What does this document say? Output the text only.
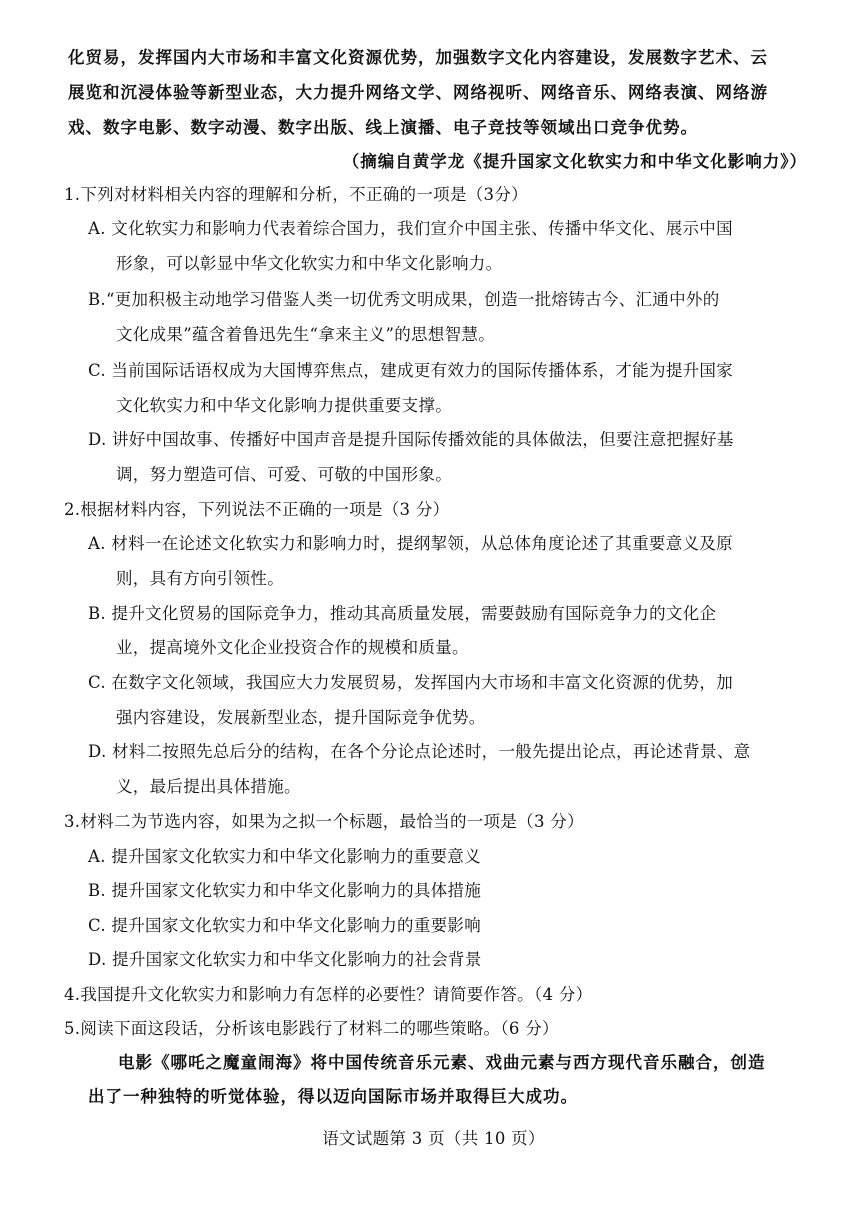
化贸易，发挥国内大市场和丰富文化资源优势，加强数字文化内容建设，发展数字艺术、云
展览和沉浸体验等新型业态，大力提升网络文学、网络视听、网络音乐、网络表演、网络游
戏、数字电影、数字动漫、数字出版、线上演播、电子竞技等领域出口竞争优势。
（摘编自黄学龙《提升国家文化软实力和中华文化影响力》）
1.下列对材料相关内容的理解和分析，不正确的一项是（3分）
A. 文化软实力和影响力代表着综合国力，我们宣介中国主张、传播中华文化、展示中国
形象，可以彰显中华文化软实力和中华文化影响力。
B.“更加积极主动地学习借鉴人类一切优秀文明成果，创造一批熔铸古今、汇通中外的
文化成果”蕴含着鲁迅先生“拿来主义”的思想智慧。
C. 当前国际话语权成为大国博弈焦点，建成更有效力的国际传播体系，才能为提升国家
文化软实力和中华文化影响力提供重要支撑。
D. 讲好中国故事、传播好中国声音是提升国际传播效能的具体做法，但要注意把握好基
调，努力塑造可信、可爱、可敬的中国形象。
2.根据材料内容，下列说法不正确的一项是（3 分）
A. 材料一在论述文化软实力和影响力时，提纲挈领，从总体角度论述了其重要意义及原
则，具有方向引领性。
B. 提升文化贸易的国际竞争力，推动其高质量发展，需要鼓励有国际竞争力的文化企
业，提高境外文化企业投资合作的规模和质量。
C. 在数字文化领域，我国应大力发展贸易，发挥国内大市场和丰富文化资源的优势，加
强内容建设，发展新型业态，提升国际竞争优势。
D. 材料二按照先总后分的结构，在各个分论点论述时，一般先提出论点，再论述背景、意
义，最后提出具体措施。
3.材料二为节选内容，如果为之拟一个标题，最恰当的一项是（3 分）
A. 提升国家文化软实力和中华文化影响力的重要意义
B. 提升国家文化软实力和中华文化影响力的具体措施
C. 提升国家文化软实力和中华文化影响力的重要影响
D. 提升国家文化软实力和中华文化影响力的社会背景
4.我国提升文化软实力和影响力有怎样的必要性？请简要作答。（4 分）
5.阅读下面这段话，分析该电影践行了材料二的哪些策略。（6 分）
电影《哪吒之魔童闹海》将中国传统音乐元素、戏曲元素与西方现代音乐融合，创造
出了一种独特的听觉体验，得以迈向国际市场并取得巨大成功。
语文试题第 3 页（共 10 页）
